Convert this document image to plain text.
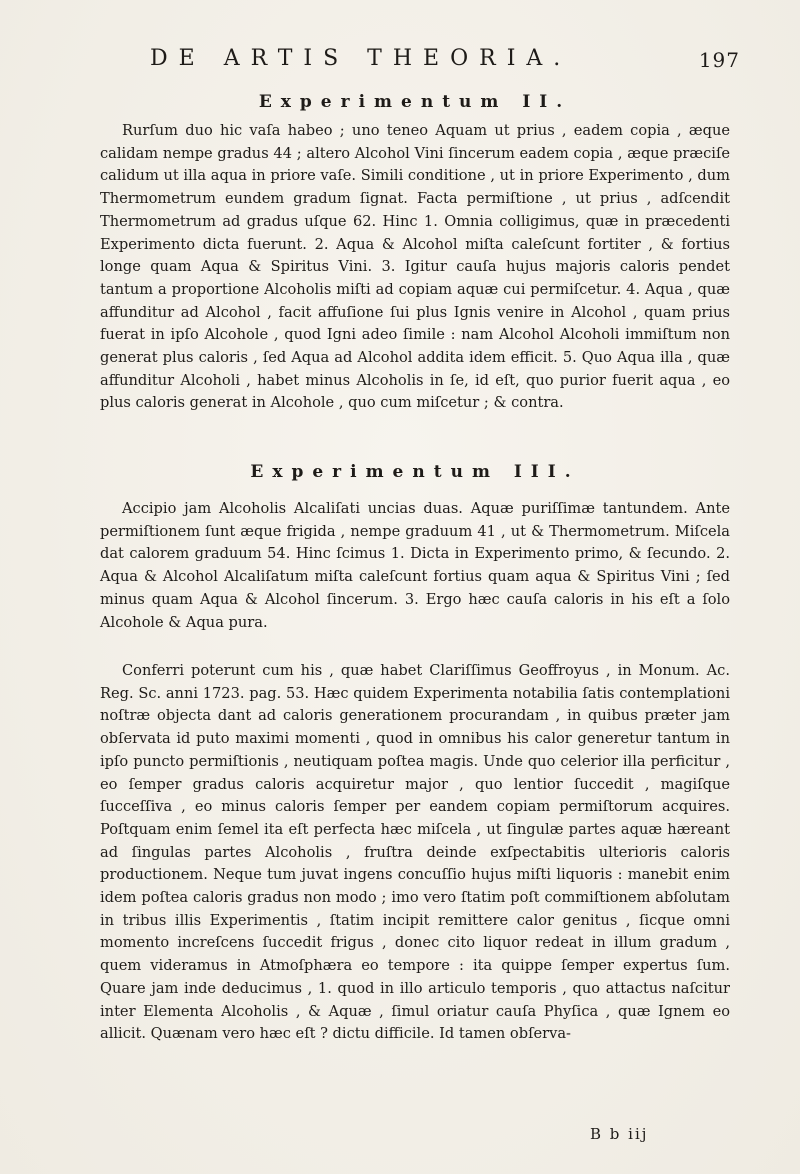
DE ARTIS THEORIA.	197
Experimentum II.

Rurſum duo hic vaſa habeo ; uno teneo Aquam ut prius , eadem copia , æque calidam nempe gradus 44 ; altero Alcohol Vini ſincerum eadem copia , æque præciſe calidum ut illa aqua in priore vaſe. Simili conditione , ut in priore Experimento , dum Thermometrum eundem gradum ſignat. Facta permiſtione , ut prius , adſcendit Thermometrum ad gradus uſque 62. Hinc 1. Omnia colligimus, quæ in præcedenti Experimento dicta fuerunt. 2. Aqua & Alcohol miſta caleſcunt fortiter , & fortius longe quam Aqua & Spiritus Vini. 3. Igitur cauſa hujus majoris caloris pendet tantum a proportione Alcoholis miſti ad copiam aquæ cui permiſcetur. 4. Aqua , quæ affunditur ad Alcohol , facit affuſione ſui plus Ignis venire in Alcohol , quam prius fuerat in ipſo Alcohole , quod Igni adeo ſimile : nam Alcohol Alcoholi immiſtum non generat plus caloris , ſed Aqua ad Alcohol addita idem efficit. 5. Quo Aqua illa , quæ affunditur Alcoholi , habet minus Alcoholis in ſe, id eſt, quo purior fuerit aqua , eo plus caloris generat in Alcohole , quo cum miſcetur ; & contra.

Experimentum III.

Accipio jam Alcoholis Alcaliſati uncias duas. Aquæ puriſſimæ tantundem. Ante permiſtionem ſunt æque frigida , nempe graduum 41 , ut & Thermometrum. Miſcela dat calorem graduum 54. Hinc ſcimus 1. Dicta in Experimento primo, & ſecundo. 2. Aqua & Alcohol Alcaliſatum miſta caleſcunt fortius quam aqua & Spiritus Vini ; ſed minus quam Aqua & Alcohol ſincerum. 3. Ergo hæc cauſa caloris in his eſt a ſolo Alcohole & Aqua pura.

Conferri poterunt cum his , quæ habet Clariſſimus Geoffroyus , in Monum. Ac. Reg. Sc. anni 1723. pag. 53. Hæc quidem Experimenta notabilia ſatis contemplationi noſtræ objecta dant ad caloris generationem procurandam , in quibus præter jam obſervata id puto maximi momenti , quod in omnibus his calor generetur tantum in ipſo puncto permiſtionis , neutiquam poſtea magis. Unde quo celerior illa perficitur , eo ſemper gradus caloris acquiretur major , quo lentior ſuccedit , magiſque ſucceſſiva , eo minus caloris ſemper per eandem copiam permiſtorum acquires. Poſtquam enim ſemel ita eſt perfecta hæc miſcela , ut ſingulæ partes aquæ hæreant ad ſingulas partes Alcoholis , fruſtra deinde exſpectabitis ulterioris caloris productionem. Neque tum juvat ingens concuſſio hujus miſti liquoris : manebit enim idem poſtea caloris gradus non modo ; imo vero ſtatim poſt commiſtionem abſolutam in tribus illis Experimentis , ſtatim incipit remittere calor genitus , ſicque omni momento increſcens ſuccedit frigus , donec cito liquor redeat in illum gradum , quem videramus in Atmoſphæra eo tempore : ita quippe ſemper expertus ſum. Quare jam inde deducimus , 1. quod in illo articulo temporis , quo attactus naſcitur inter Elementa Alcoholis , & Aquæ , ſimul oriatur cauſa Phyſica , quæ Ignem eo allicit. Quænam vero hæc eſt ? dictu difficile. Id tamen obſerva-

B b iij
